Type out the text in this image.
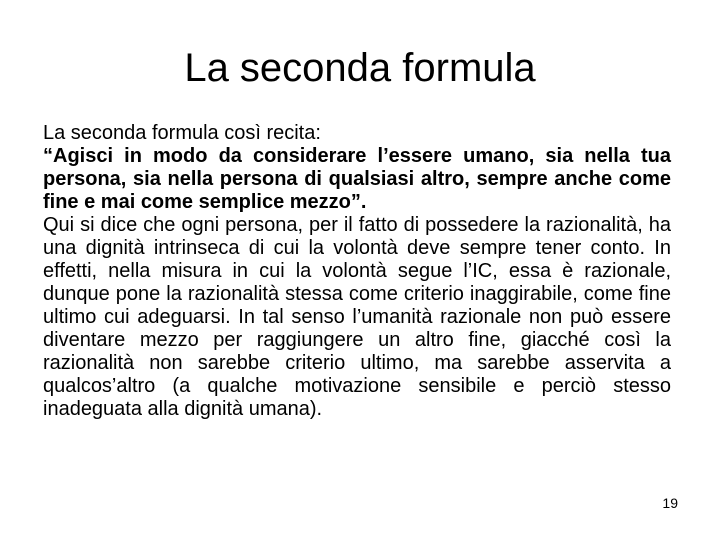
La seconda formula

La seconda formula così recita:

“Agisci in modo da considerare l’essere umano, sia nella tua persona, sia nella persona di qualsiasi altro, sempre anche come fine e mai come semplice mezzo”.

Qui si dice che ogni persona, per il fatto di possedere la razionalità, ha una dignità intrinseca di cui la volontà deve sempre tener conto. In effetti, nella misura in cui la volontà segue l’IC, essa è razionale, dunque pone la razionalità stessa come criterio inaggirabile, come fine ultimo cui adeguarsi. In tal senso l’umanità razionale non può essere diventare mezzo per raggiungere un altro fine, giacché così la razionalità non sarebbe criterio ultimo, ma sarebbe asservita a qualcos’altro (a qualche motivazione sensibile e perciò stesso inadeguata alla dignità umana).

19
